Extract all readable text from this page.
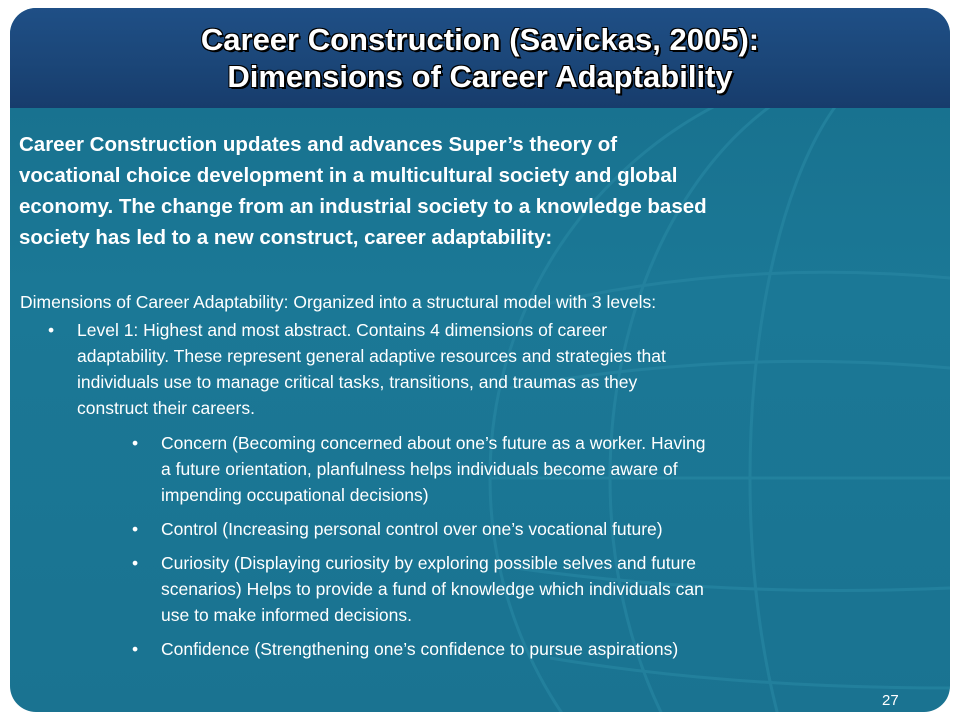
Career Construction (Savickas, 2005):
Dimensions of Career Adaptability
Career Construction updates and advances Super’s theory of
vocational choice development in a multicultural society and global
economy. The change from an industrial society to a knowledge based
society has led to a new construct, career adaptability:
Dimensions of Career Adaptability: Organized into a structural model with 3 levels:
• Level 1: Highest and most abstract. Contains 4 dimensions of career
adaptability. These represent general adaptive resources and strategies that
individuals use to manage critical tasks, transitions, and traumas as they
construct their careers.
• Concern (Becoming concerned about one’s future as a worker. Having
a future orientation, planfulness helps individuals become aware of
impending occupational decisions)
• Control (Increasing personal control over one’s vocational future)
• Curiosity (Displaying curiosity by exploring possible selves and future
scenarios) Helps to provide a fund of knowledge which individuals can
use to make informed decisions.
• Confidence (Strengthening one’s confidence to pursue aspirations)
27
